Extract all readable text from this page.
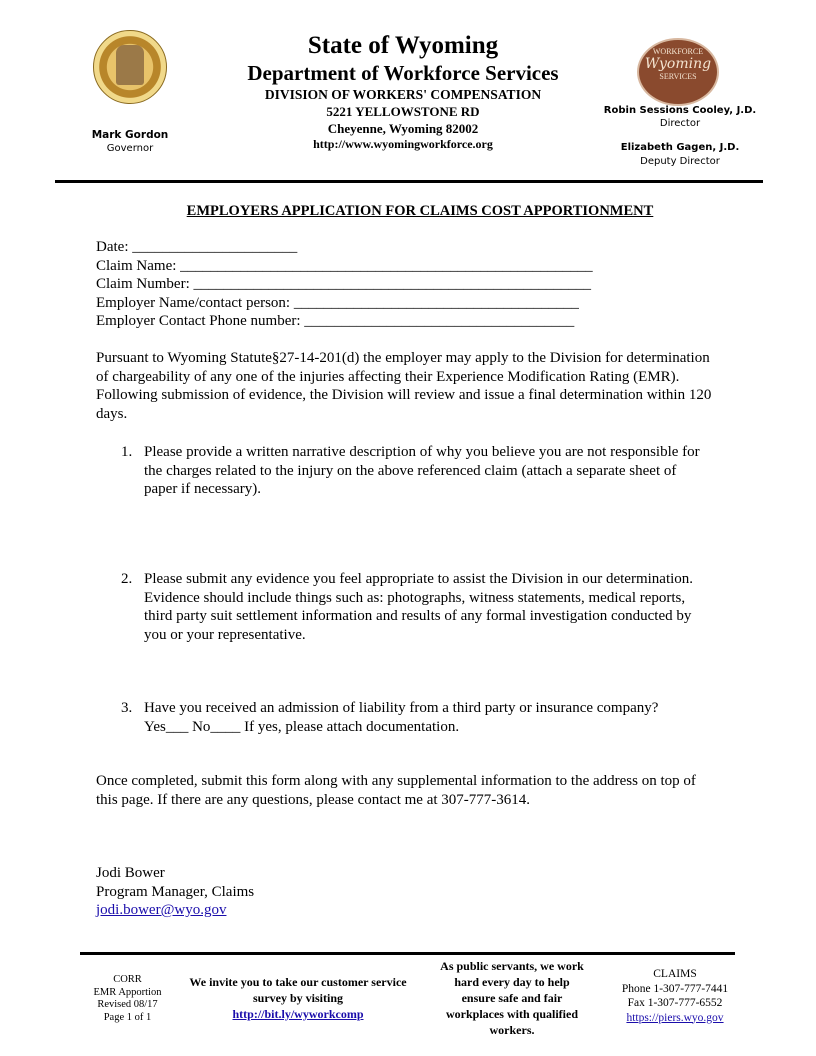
WORKFORCE
Wyoming
SERVICES
State of Wyoming
Department of Workforce Services
DIVISION OF WORKERS' COMPENSATION
5221 YELLOWSTONE RD
Cheyenne, Wyoming 82002
http://www.wyomingworkforce.org
Mark Gordon
Governor
Robin Sessions Cooley, J.D.
Director
Elizabeth Gagen, J.D.
Deputy Director
EMPLOYERS APPLICATION FOR CLAIMS COST APPORTIONMENT
Date: ______________________
Claim Name: _______________________________________________________
Claim Number: _____________________________________________________
Employer Name/contact person: ______________________________________
Employer Contact Phone number: ____________________________________
Pursuant to Wyoming Statute§27-14-201(d) the employer may apply to the Division for determination
of chargeability of any one of the injuries affecting their Experience Modification Rating (EMR).
Following submission of evidence, the Division will review and issue a final determination within 120
days.
1. Please provide a written narrative description of why you believe you are not responsible for
the charges related to the injury on the above referenced claim (attach a separate sheet of
paper if necessary).
2. Please submit any evidence you feel appropriate to assist the Division in our determination.
Evidence should include things such as: photographs, witness statements, medical reports,
third party suit settlement information and results of any formal investigation conducted by
you or your representative.
3. Have you received an admission of liability from a third party or insurance company?
Yes___ No____ If yes, please attach documentation.
Once completed, submit this form along with any supplemental information to the address on top of
this page. If there are any questions, please contact me at 307-777-3614.
Jodi Bower
Program Manager, Claims
jodi.bower@wyo.gov
CORR
EMR Apportion
Revised 08/17
Page 1 of 1
We invite you to take our customer service
survey by visiting
http://bit.ly/wyworkcomp
As public servants, we work
hard every day to help
ensure safe and fair
workplaces with qualified
workers.
CLAIMS
Phone 1-307-777-7441
Fax 1-307-777-6552
https://piers.wyo.gov
